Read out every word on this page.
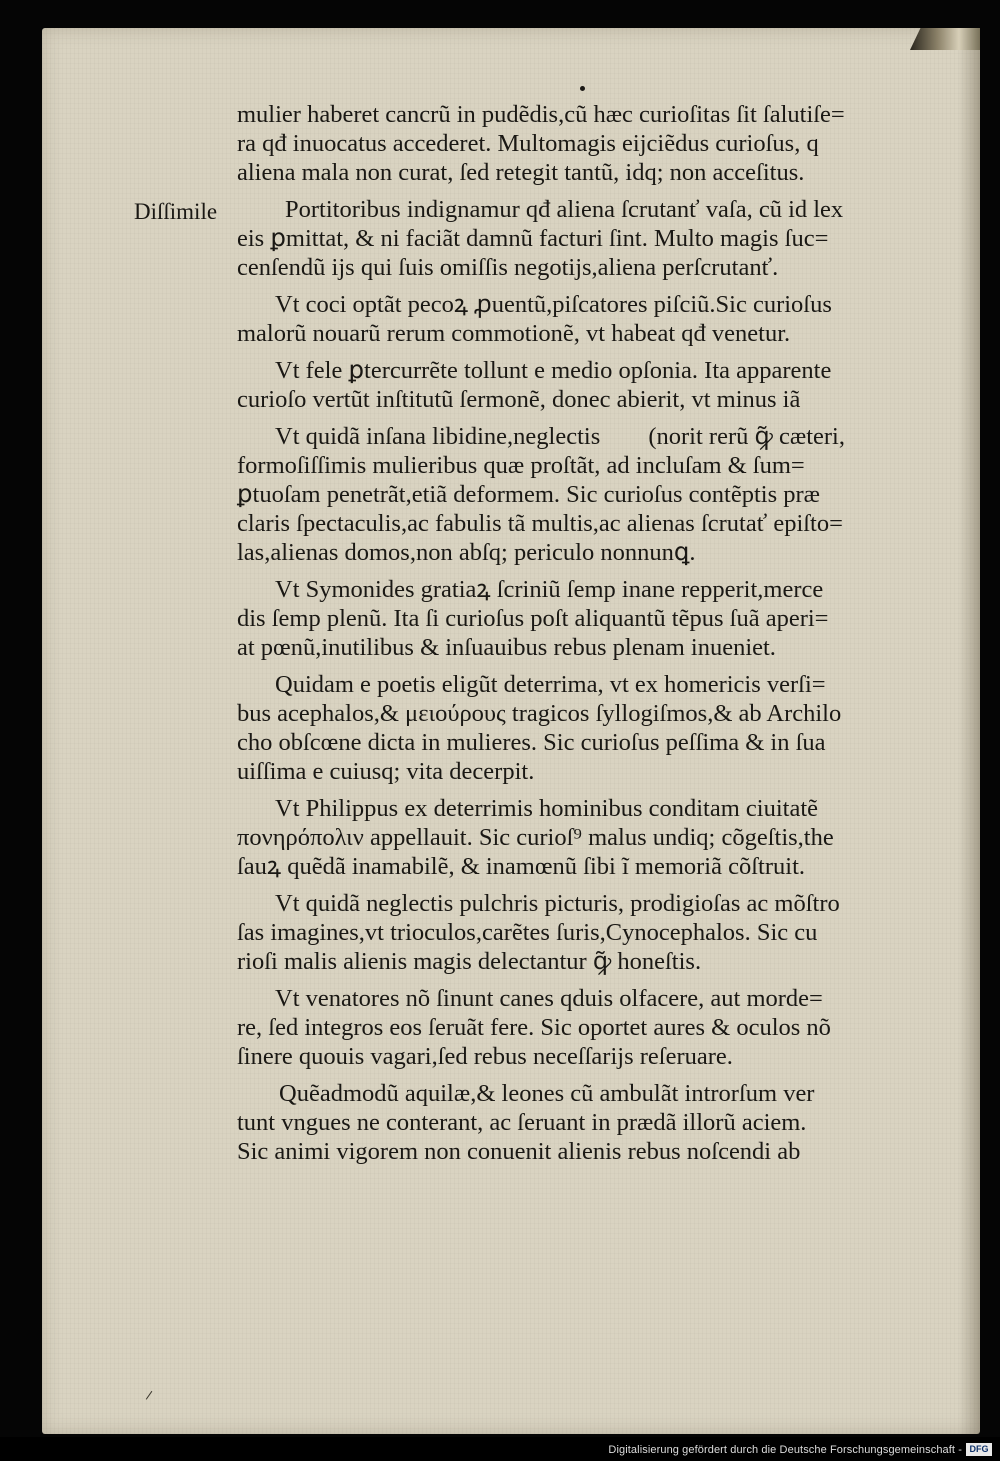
Diſſimile

mulier haberet cancrũ in pudẽdis,cũ hæc curioſitas ſit ſalutiſe=

ra qđ inuocatus accederet. Multomagis eijciẽdus curioſus, q

aliena mala non curat, ſed retegit tantũ, idq; non acceſitus.

Portitoribus indignamur qđ aliena ſcrutanť vaſa, cũ id lex

eis ꝑmittat, & ni faciãt damnũ facturi ſint. Multo magis ſuc=

cenſendũ ijs qui ſuis omiſſis negotijs,aliena perſcrutanť.

Vt coci optãt pecoꝝ ꝓuentũ,piſcatores piſciũ.Sic curioſus

malorũ nouarũ rerum commotionẽ, vt habeat qđ venetur.

Vt fele ꝑtercurrẽte tollunt e medio opſonia. Ita apparente

curioſo vertũt inſtitutũ ſermonẽ, donec abierit, vt minus iã

Vt quidã inſana libidine,neglectis (norit rerũ ꝙ̃ cæteri,

formoſiſſimis mulieribus quæ proſtãt, ad incluſam & ſum=

ꝑtuoſam penetrãt,etiã deformem. Sic curioſus contẽptis præ

claris ſpectaculis,ac fabulis tã multis,ac alienas ſcrutať epiſto=

las,alienas domos,non abſq; periculo nonnunꝗ.

Vt Symonides gratiaꝝ ſcriniũ ſemp inane repperit,merce

dis ſemp plenũ. Ita ſi curioſus poſt aliquantũ tẽpus ſuã aperi=

at pœnũ,inutilibus & inſuauibus rebus plenam inueniet.

Quidam e poetis eligũt deterrima, vt ex homericis verſi=

bus acephalos,& μειούρους tragicos ſyllogiſmos,& ab Archilo

cho obſcœne dicta in mulieres. Sic curioſus peſſima & in ſua

uiſſima e cuiusq; vita decerpit.

Vt Philippus ex deterrimis hominibus conditam ciuitatẽ

πονηρόπολιν appellauit. Sic curioſ⁹ malus undiq; cõgeſtis,the

ſauꝝ quẽdã inamabilẽ, & inamœnũ ſibi ĩ memoriã cõſtruit.

Vt quidã neglectis pulchris picturis, prodigioſas ac mõſtro

ſas imagines,vt trioculos,carẽtes ſuris,Cynocephalos. Sic cu

rioſi malis alienis magis delectantur ꝙ̃ honeſtis.

Vt venatores nõ ſinunt canes qduis olfacere, aut morde=

re, ſed integros eos ſeruãt fere. Sic oportet aures & oculos nõ

ſinere quouis vagari,ſed rebus neceſſarijs reſeruare.

Quẽadmodũ aquilæ,& leones cũ ambulãt introrſum ver

tunt vngues ne conterant, ac ſeruant in prædã illorũ aciem.

Sic animi vigorem non conuenit alienis rebus noſcendi ab

Digitalisierung gefördert durch die Deutsche Forschungsgemeinschaft - DFG
